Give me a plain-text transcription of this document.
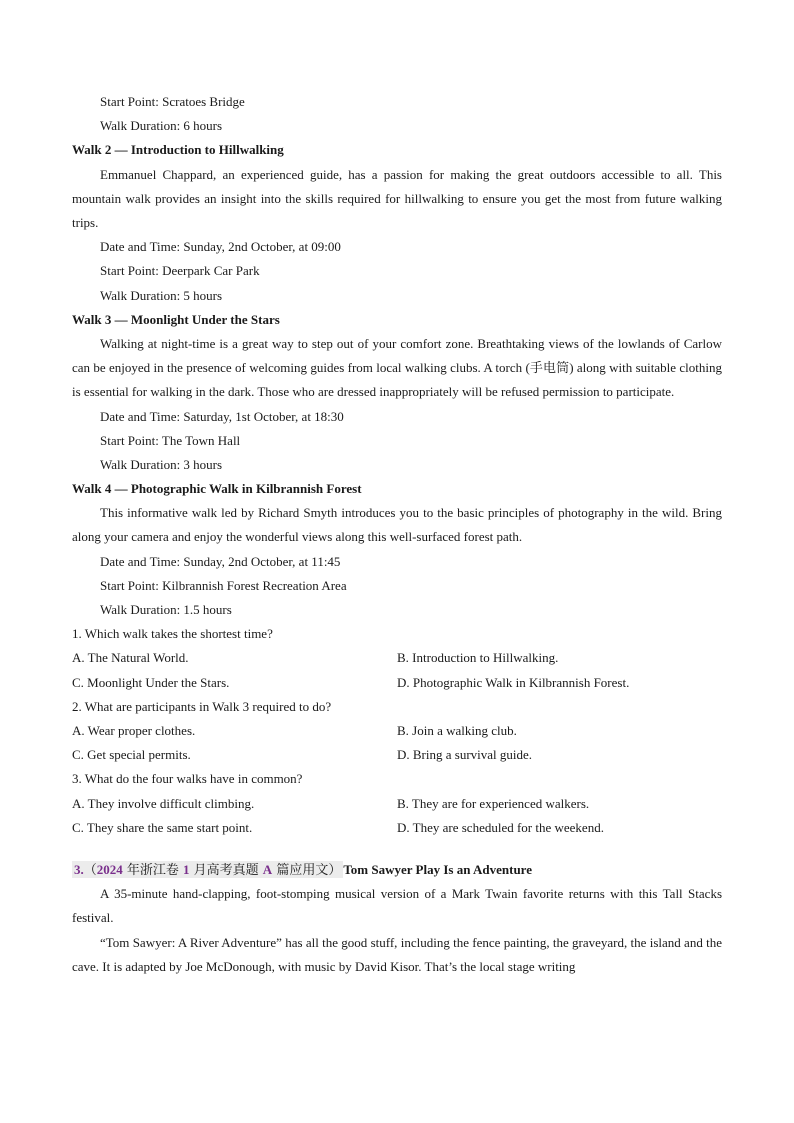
Start Point: Scratoes Bridge
Walk Duration: 6 hours
Walk 2 — Introduction to Hillwalking

Emmanuel Chappard, an experienced guide, has a passion for making the great outdoors accessible to all. This mountain walk provides an insight into the skills required for hillwalking to ensure you get the most from future walking trips.

Date and Time: Sunday, 2nd October, at 09:00
Start Point: Deerpark Car Park
Walk Duration: 5 hours
Walk 3 — Moonlight Under the Stars

Walking at night-time is a great way to step out of your comfort zone. Breathtaking views of the lowlands of Carlow can be enjoyed in the presence of welcoming guides from local walking clubs. A torch (手电筒) along with suitable clothing is essential for walking in the dark. Those who are dressed inappropriately will be refused permission to participate.

Date and Time: Saturday, 1st October, at 18:30
Start Point: The Town Hall
Walk Duration: 3 hours
Walk 4 — Photographic Walk in Kilbrannish Forest

This informative walk led by Richard Smyth introduces you to the basic principles of photography in the wild. Bring along your camera and enjoy the wonderful views along this well-surfaced forest path.

Date and Time: Sunday, 2nd October, at 11:45
Start Point: Kilbrannish Forest Recreation Area
Walk Duration: 1.5 hours
1. Which walk takes the shortest time?
A. The Natural World.	B. Introduction to Hillwalking.
C. Moonlight Under the Stars.	D. Photographic Walk in Kilbrannish Forest.
2. What are participants in Walk 3 required to do?
A. Wear proper clothes.	B. Join a walking club.
C. Get special permits.	D. Bring a survival guide.
3. What do the four walks have in common?
A. They involve difficult climbing.	B. They are for experienced walkers.
C. They share the same start point.	D. They are scheduled for the weekend.
3.（2024 年浙江卷 1 月高考真题 A 篇应用文） Tom Sawyer Play Is an Adventure

A 35-minute hand-clapping, foot-stomping musical version of a Mark Twain favorite returns with this Tall Stacks festival.

“Tom Sawyer: A River Adventure” has all the good stuff, including the fence painting, the graveyard, the island and the cave. It is adapted by Joe McDonough, with music by David Kisor. That’s the local stage writing
